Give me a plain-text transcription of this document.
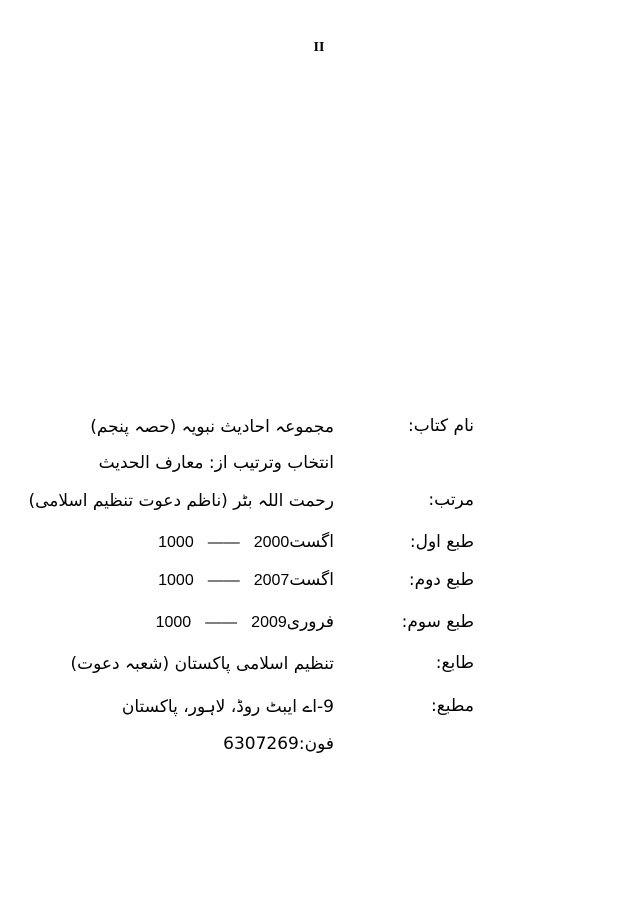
II
نام کتاب:
مجموعہ احادیث نبویہ (حصہ پنجم)
انتخاب وترتیب از: معارف الحدیث
مرتب:
رحمت اللہ بٹر (ناظم دعوت تنظیم اسلامی)
طبع اول:
اگست2000——1000
طبع دوم:
اگست2007——1000
طبع سوم:
فروری2009——1000
طابع:
تنظیم اسلامی پاکستان (شعبہ دعوت)
مطبع:
9-اے ایبٹ روڈ، لاہور، پاکستان
فون:6307269
